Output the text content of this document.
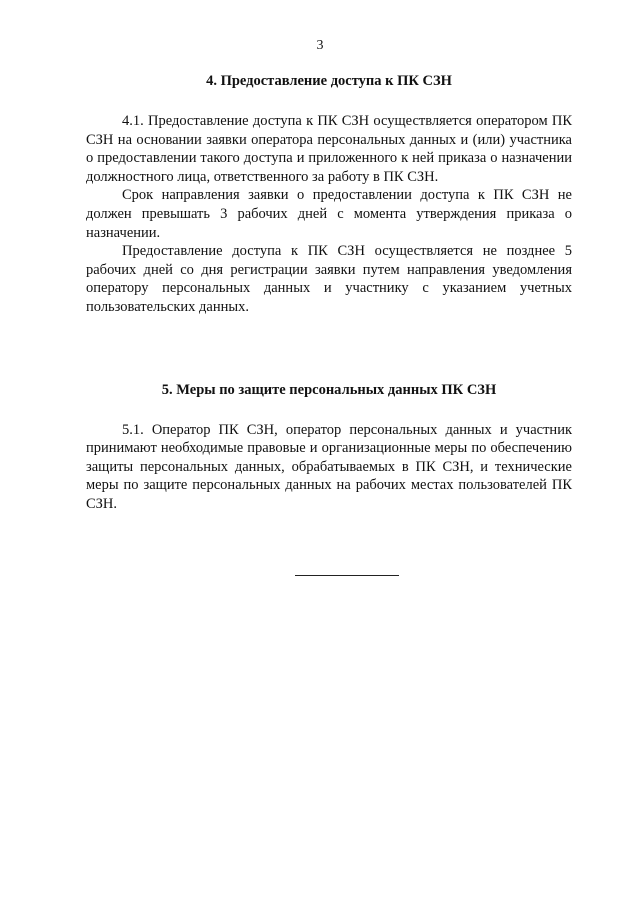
3
4. Предоставление доступа к ПК СЗН

4.1. Предоставление доступа к ПК СЗН осуществляется оператором ПК СЗН на основании заявки оператора персональных данных и (или) участника о предоставлении такого доступа и приложенного к ней приказа о назначении должностного лица, ответственного за работу в ПК СЗН.

Срок направления заявки о предоставлении доступа к ПК СЗН не должен превышать 3 рабочих дней с момента утверждения приказа о назначении.

Предоставление доступа к ПК СЗН осуществляется не позднее 5 рабочих дней со дня регистрации заявки путем направления уведомления оператору персональных данных и участнику с указанием учетных пользовательских данных.

5. Меры по защите персональных данных ПК СЗН

5.1. Оператор ПК СЗН, оператор персональных данных и участник принимают необходимые правовые и организационные меры по обеспечению защиты персональных данных, обрабатываемых в ПК СЗН, и технические меры по защите персональных данных на рабочих местах пользователей ПК СЗН.
